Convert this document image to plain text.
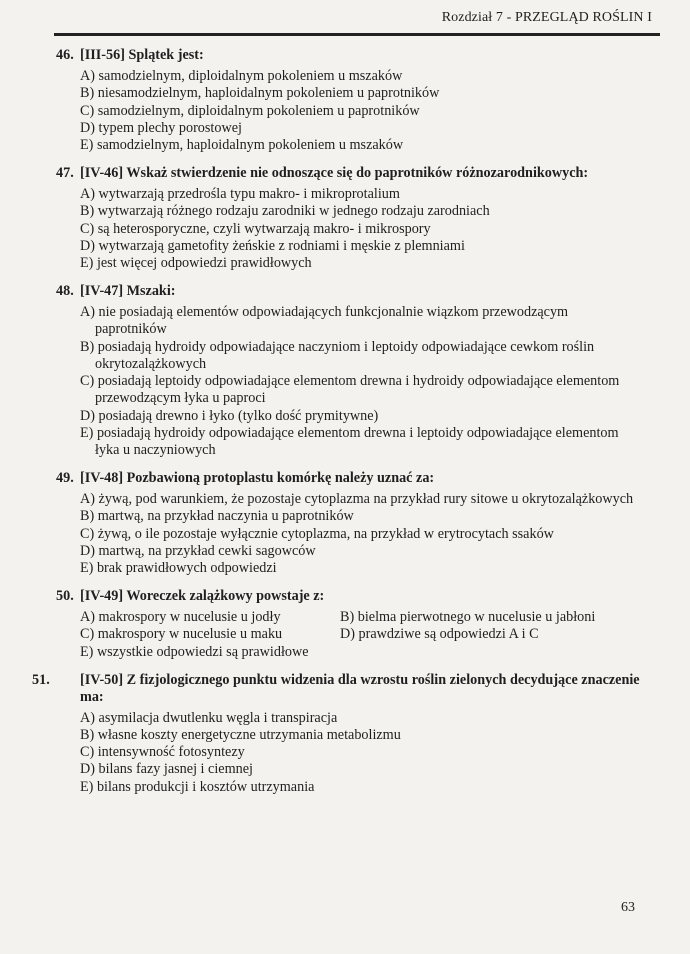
Rozdział 7 - PRZEGLĄD ROŚLIN I
46. [III-56] Splątek jest:
A) samodzielnym, diploidalnym pokoleniem u mszaków
B) niesamodzielnym, haploidalnym pokoleniem u paprotników
C) samodzielnym, diploidalnym pokoleniem u paprotników
D) typem plechy porostowej
E) samodzielnym, haploidalnym pokoleniem u mszaków
47. [IV-46] Wskaż stwierdzenie nie odnoszące się do paprotników różnozarodnikowych:
A) wytwarzają przedrośla typu makro- i mikroprotalium
B) wytwarzają różnego rodzaju zarodniki w jednego rodzaju zarodniach
C) są heterosporyczne, czyli wytwarzają makro- i mikrospory
D) wytwarzają gametofity żeńskie z rodniami i męskie z plemniami
E) jest więcej odpowiedzi prawidłowych
48. [IV-47] Mszaki:
A) nie posiadają elementów odpowiadających funkcjonalnie wiązkom przewodzącym paprotników
B) posiadają hydroidy odpowiadające naczyniom i leptoidy odpowiadające cewkom roślin okrytozalążkowych
C) posiadają leptoidy odpowiadające elementom drewna i hydroidy odpowiadające elementom przewodzącym łyka u paproci
D) posiadają drewno i łyko (tylko dość prymitywne)
E) posiadają hydroidy odpowiadające elementom drewna i leptoidy odpowiadające elementom łyka u naczyniowych
49. [IV-48] Pozbawioną protoplastu komórkę należy uznać za:
A) żywą, pod warunkiem, że pozostaje cytoplazma na przykład rury sitowe u okrytozalążkowych
B) martwą, na przykład naczynia u paprotników
C) żywą, o ile pozostaje wyłącznie cytoplazma, na przykład w erytrocytach ssaków
D) martwą, na przykład cewki sagowców
E) brak prawidłowych odpowiedzi
50. [IV-49] Woreczek zalążkowy powstaje z:
A) makrospory w nucelusie u jodły	B) bielma pierwotnego w nucelusie u jabłoni
C) makrospory w nucelusie u maku	D) prawdziwe są odpowiedzi A i C
E) wszystkie odpowiedzi są prawidłowe
51. [IV-50] Z fizjologicznego punktu widzenia dla wzrostu roślin zielonych decydujące znaczenie ma:
A) asymilacja dwutlenku węgla i transpiracja
B) własne koszty energetyczne utrzymania metabolizmu
C) intensywność fotosyntezy
D) bilans fazy jasnej i ciemnej
E) bilans produkcji i kosztów utrzymania
63
